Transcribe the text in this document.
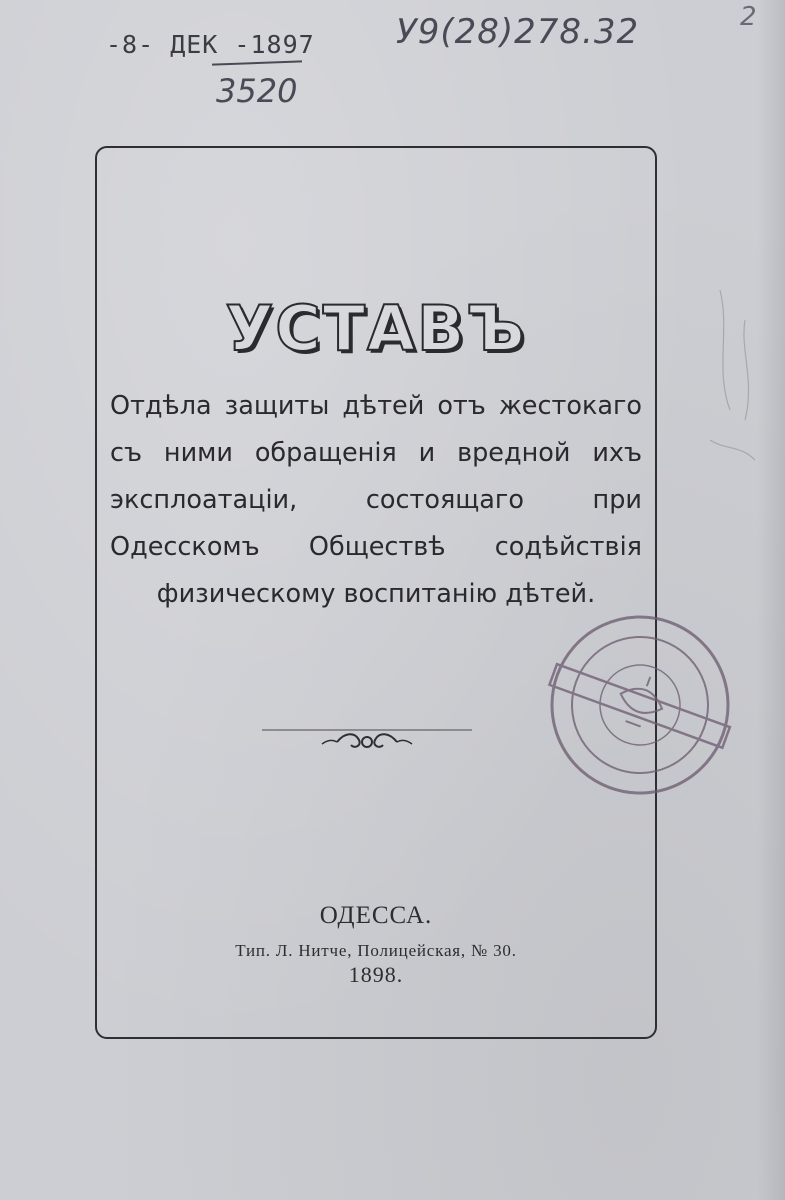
-8- ДЕК -1897
3520
У9(28)278.32	2
УСТАВЪ
Отдѣла защиты дѣтей отъ жестокаго съ ними обращенія и вредной ихъ эксплоатаціи, состоящаго при Одесскомъ Обществѣ содѣйствія физическому воспитанію дѣтей.
ОДЕССА.
Тип. Л. Нитче, Полицейская, № 30.
1898.
